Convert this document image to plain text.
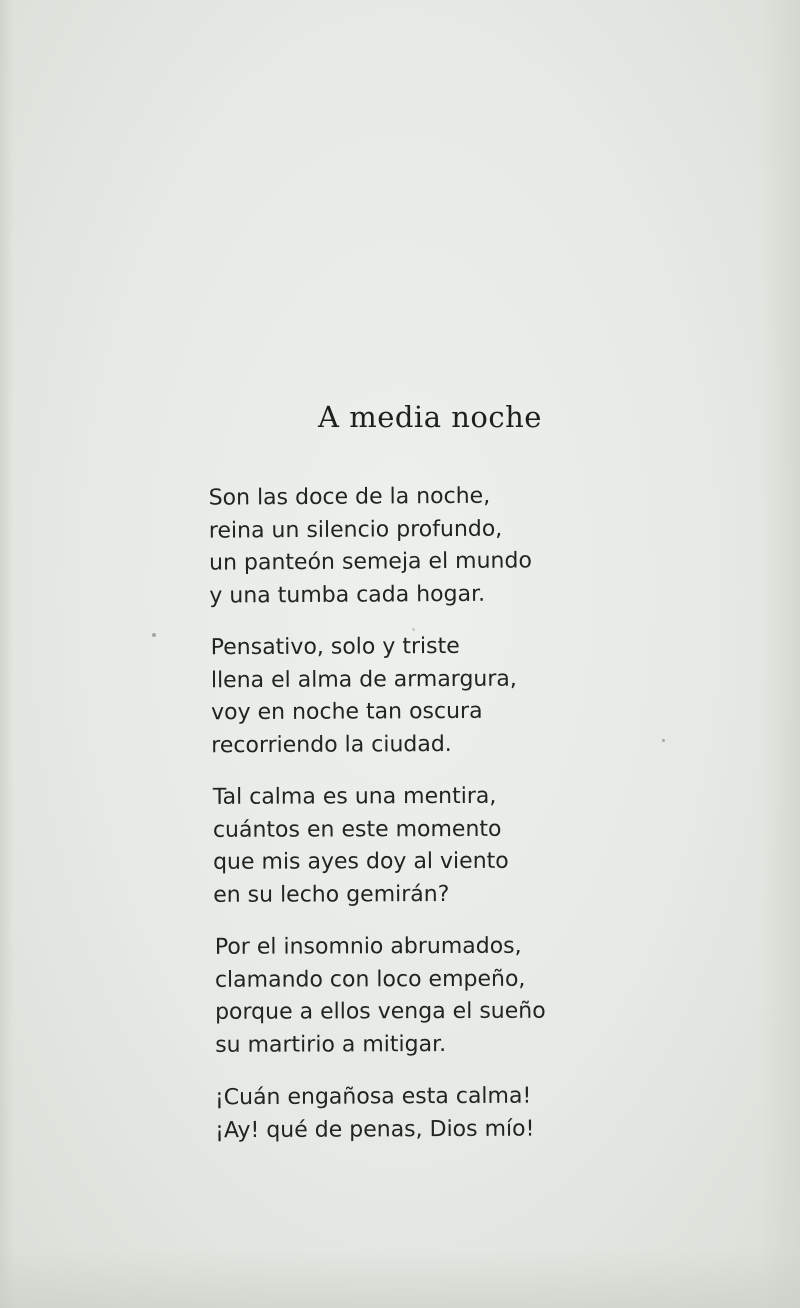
A media noche
Son las doce de la noche,
reina un silencio profundo,
un panteón semeja el mundo
y una tumba cada hogar.
Pensativo, solo y triste
llena el alma de armargura,
voy en noche tan oscura
recorriendo la ciudad.
Tal calma es una mentira,
cuántos en este momento
que mis ayes doy al viento
en su lecho gemirán?
Por el insomnio abrumados,
clamando con loco empeño,
porque a ellos venga el sueño
su martirio a mitigar.
¡Cuán engañosa esta calma!
¡Ay! qué de penas, Dios mío!
